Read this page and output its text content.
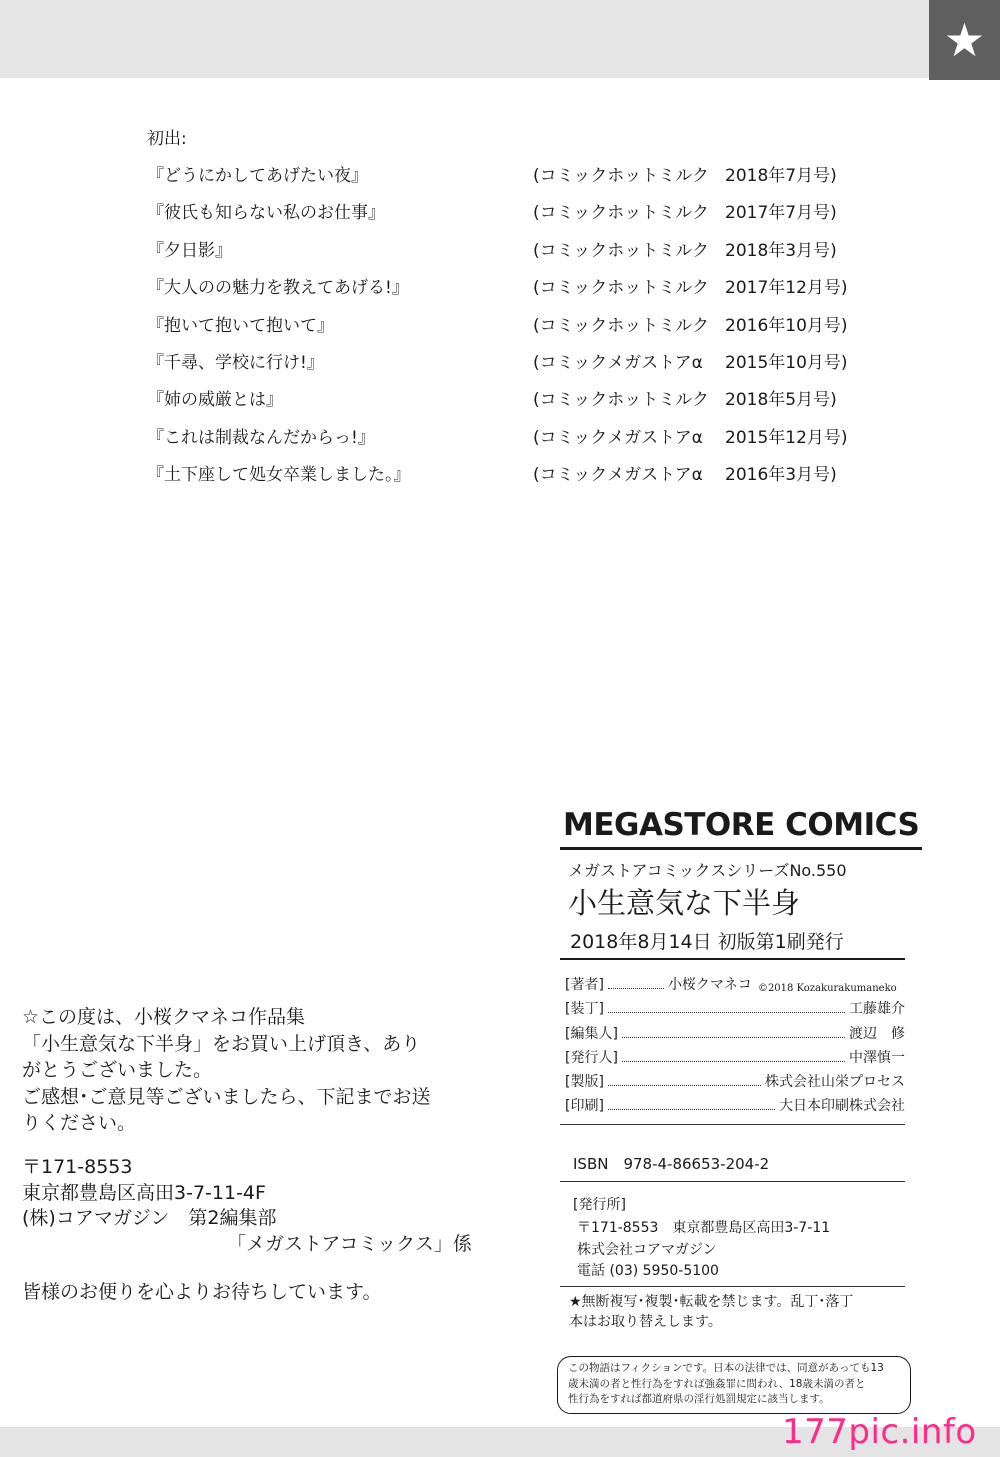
★
初出:
『どうにかしてあげたい夜』	(コミックホットミルク 2018年7月号)
『彼氏も知らない私のお仕事』	(コミックホットミルク 2017年7月号)
『夕日影』	(コミックホットミルク 2018年3月号)
『大人のの魅力を教えてあげる!』	(コミックホットミルク 2017年12月号)
『抱いて抱いて抱いて』	(コミックホットミルク 2016年10月号)
『千尋、学校に行け!』	(コミックメガストアα 2015年10月号)
『姉の威厳とは』	(コミックホットミルク 2018年5月号)
『これは制裁なんだからっ!』	(コミックメガストアα 2015年12月号)
『土下座して処女卒業しました。』	(コミックメガストアα 2016年3月号)

☆この度は、小桜クマネコ作品集

「小生意気な下半身」をお買い上げ頂き、あり

がとうございました。

ご感想･ご意見等ございましたら、下記までお送

りください。

〒171-8553

東京都豊島区高田3-7-11-4F

(株)コアマガジン　第2編集部

「メガストアコミックス」係

皆様のお便りを心よりお待ちしています。
MEGASTORE COMICS
メガストアコミックスシリーズNo.550
小生意気な下半身
2018年8月14日 初版第1刷発行
[著者]	小桜クマネコ ©2018 Kozakurakumaneko
[装丁]	工藤雄介
[編集人]	渡辺　修
[発行人]	中澤慎一
[製版]	株式会社山栄プロセス
[印刷]	大日本印刷株式会社
ISBN　978-4-86653-204-2
[発行所]

〒171-8553　東京都豊島区高田3-7-11

株式会社コアマガジン

電話 (03) 5950-5100

★無断複写･複製･転載を禁じます。乱丁･落丁

本はお取り替えします。

この物語はフィクションです。日本の法律では、同意があっても13

歳未満の者と性行為をすれば強姦罪に問われ、18歳未満の者と

性行為をすれば都道府県の淫行処罰規定に該当します。

177pic.info
